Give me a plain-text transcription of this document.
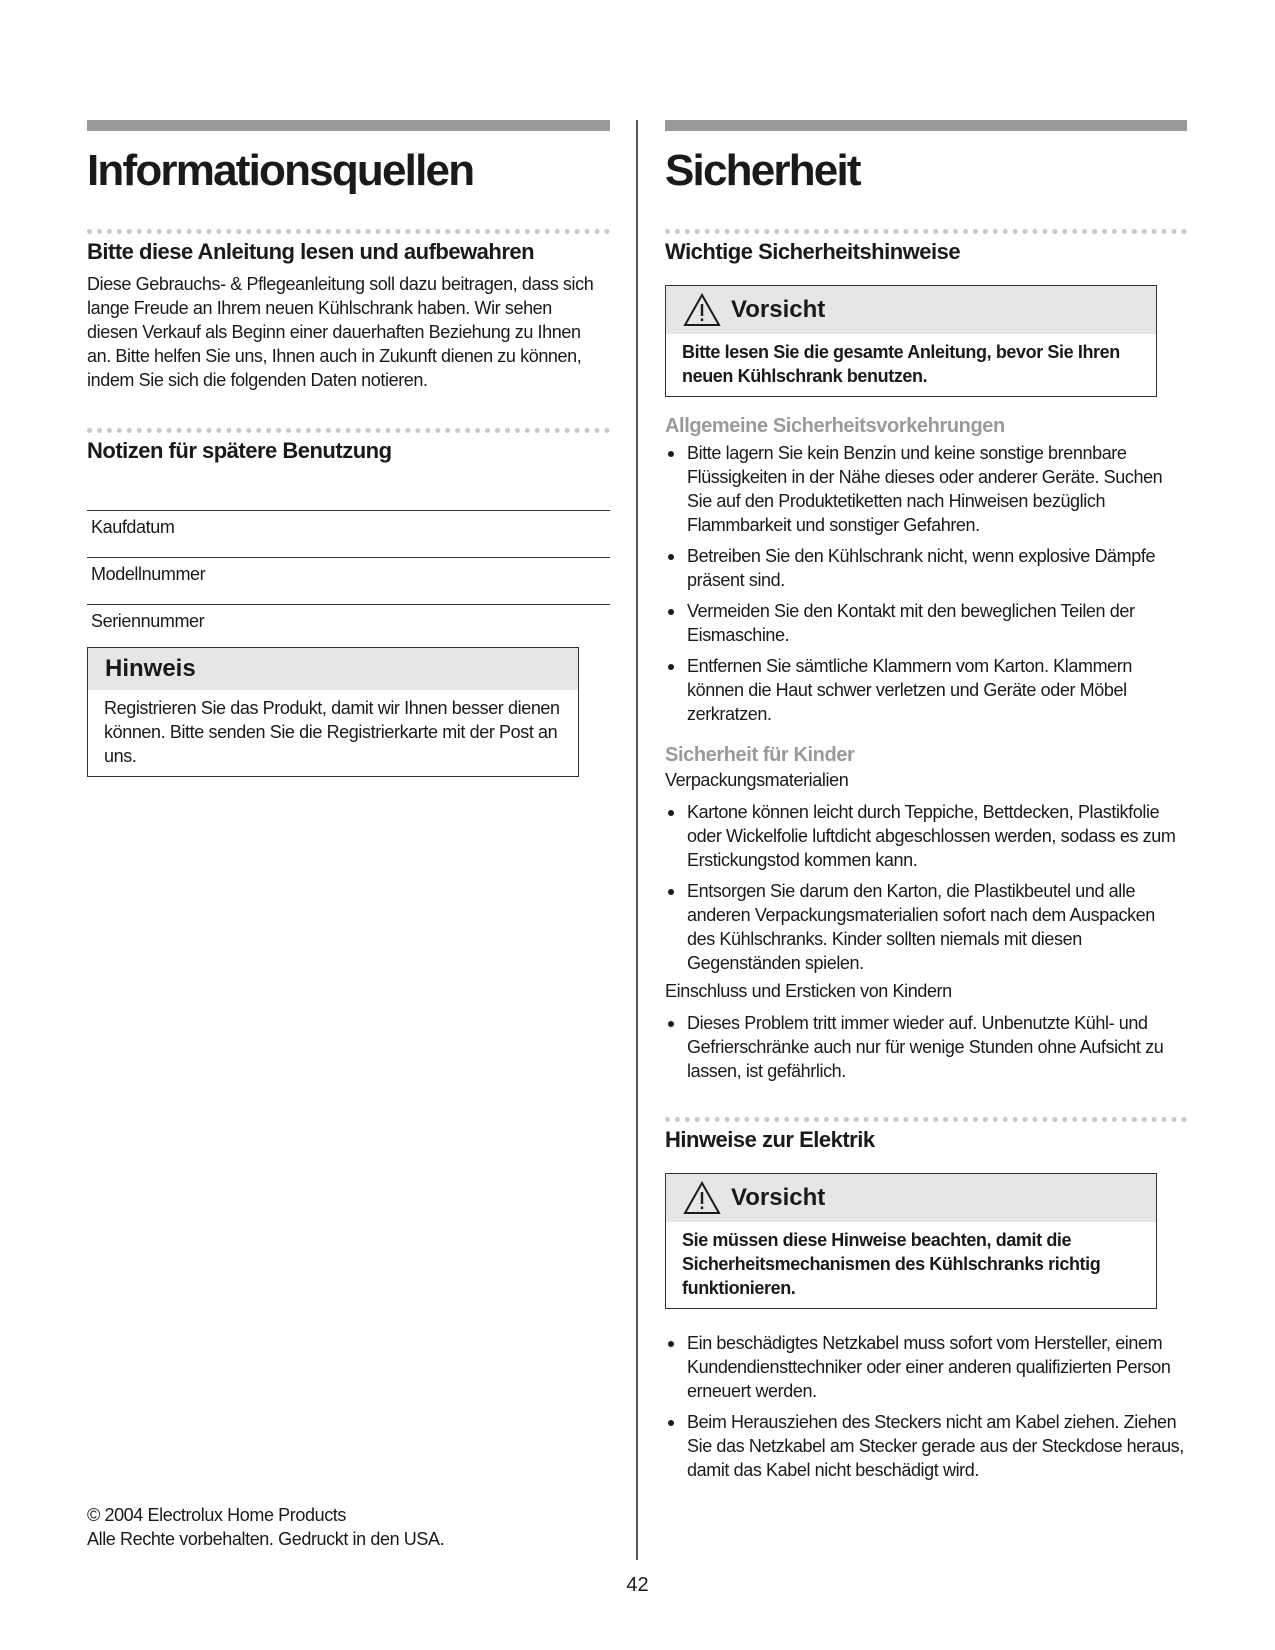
Informationsquellen
Bitte diese Anleitung lesen und aufbewahren

Diese Gebrauchs- & Pflegeanleitung soll dazu beitragen, dass sich lange Freude an Ihrem neuen Kühlschrank haben. Wir sehen diesen Verkauf als Beginn einer dauerhaften Beziehung zu Ihnen an. Bitte helfen Sie uns, Ihnen auch in Zukunft dienen zu können, indem Sie sich die folgenden Daten notieren.

Notizen für spätere Benutzung
Kaufdatum
Modellnummer
Seriennummer
Hinweis
Registrieren Sie das Produkt, damit wir Ihnen besser dienen können. Bitte senden Sie die Registrierkarte mit der Post an uns.
© 2004 Electrolux Home Products
Alle Rechte vorbehalten. Gedruckt in den USA.
Sicherheit
Wichtige Sicherheitshinweise
Vorsicht
Bitte lesen Sie die gesamte Anleitung, bevor Sie Ihren neuen Kühlschrank benutzen.
Allgemeine Sicherheitsvorkehrungen
Bitte lagern Sie kein Benzin und keine sonstige brennbare Flüssigkeiten in der Nähe dieses oder anderer Geräte. Suchen Sie auf den Produktetiketten nach Hinweisen bezüglich Flammbarkeit und sonstiger Gefahren.
Betreiben Sie den Kühlschrank nicht, wenn explosive Dämpfe präsent sind.
Vermeiden Sie den Kontakt mit den beweglichen Teilen der Eismaschine.
Entfernen Sie sämtliche Klammern vom Karton. Klammern können die Haut schwer verletzen und Geräte oder Möbel zerkratzen.
Sicherheit für Kinder

Verpackungsmaterialien

Kartone können leicht durch Teppiche, Bettdecken, Plastikfolie oder Wickelfolie luftdicht abgeschlossen werden, sodass es zum Erstickungstod kommen kann.
Entsorgen Sie darum den Karton, die Plastikbeutel und alle anderen Verpackungsmaterialien sofort nach dem Auspacken des Kühlschranks. Kinder sollten niemals mit diesen Gegenständen spielen.

Einschluss und Ersticken von Kindern

Dieses Problem tritt immer wieder auf. Unbenutzte Kühl- und Gefrierschränke auch nur für wenige Stunden ohne Aufsicht zu lassen, ist gefährlich.
Hinweise zur Elektrik
Vorsicht
Sie müssen diese Hinweise beachten, damit die Sicherheitsmechanismen des Kühlschranks richtig funktionieren.
Ein beschädigtes Netzkabel muss sofort vom Hersteller, einem Kundendiensttechniker oder einer anderen qualifizierten Person erneuert werden.
Beim Herausziehen des Steckers nicht am Kabel ziehen. Ziehen Sie das Netzkabel am Stecker gerade aus der Steckdose heraus, damit das Kabel nicht beschädigt wird.
42
